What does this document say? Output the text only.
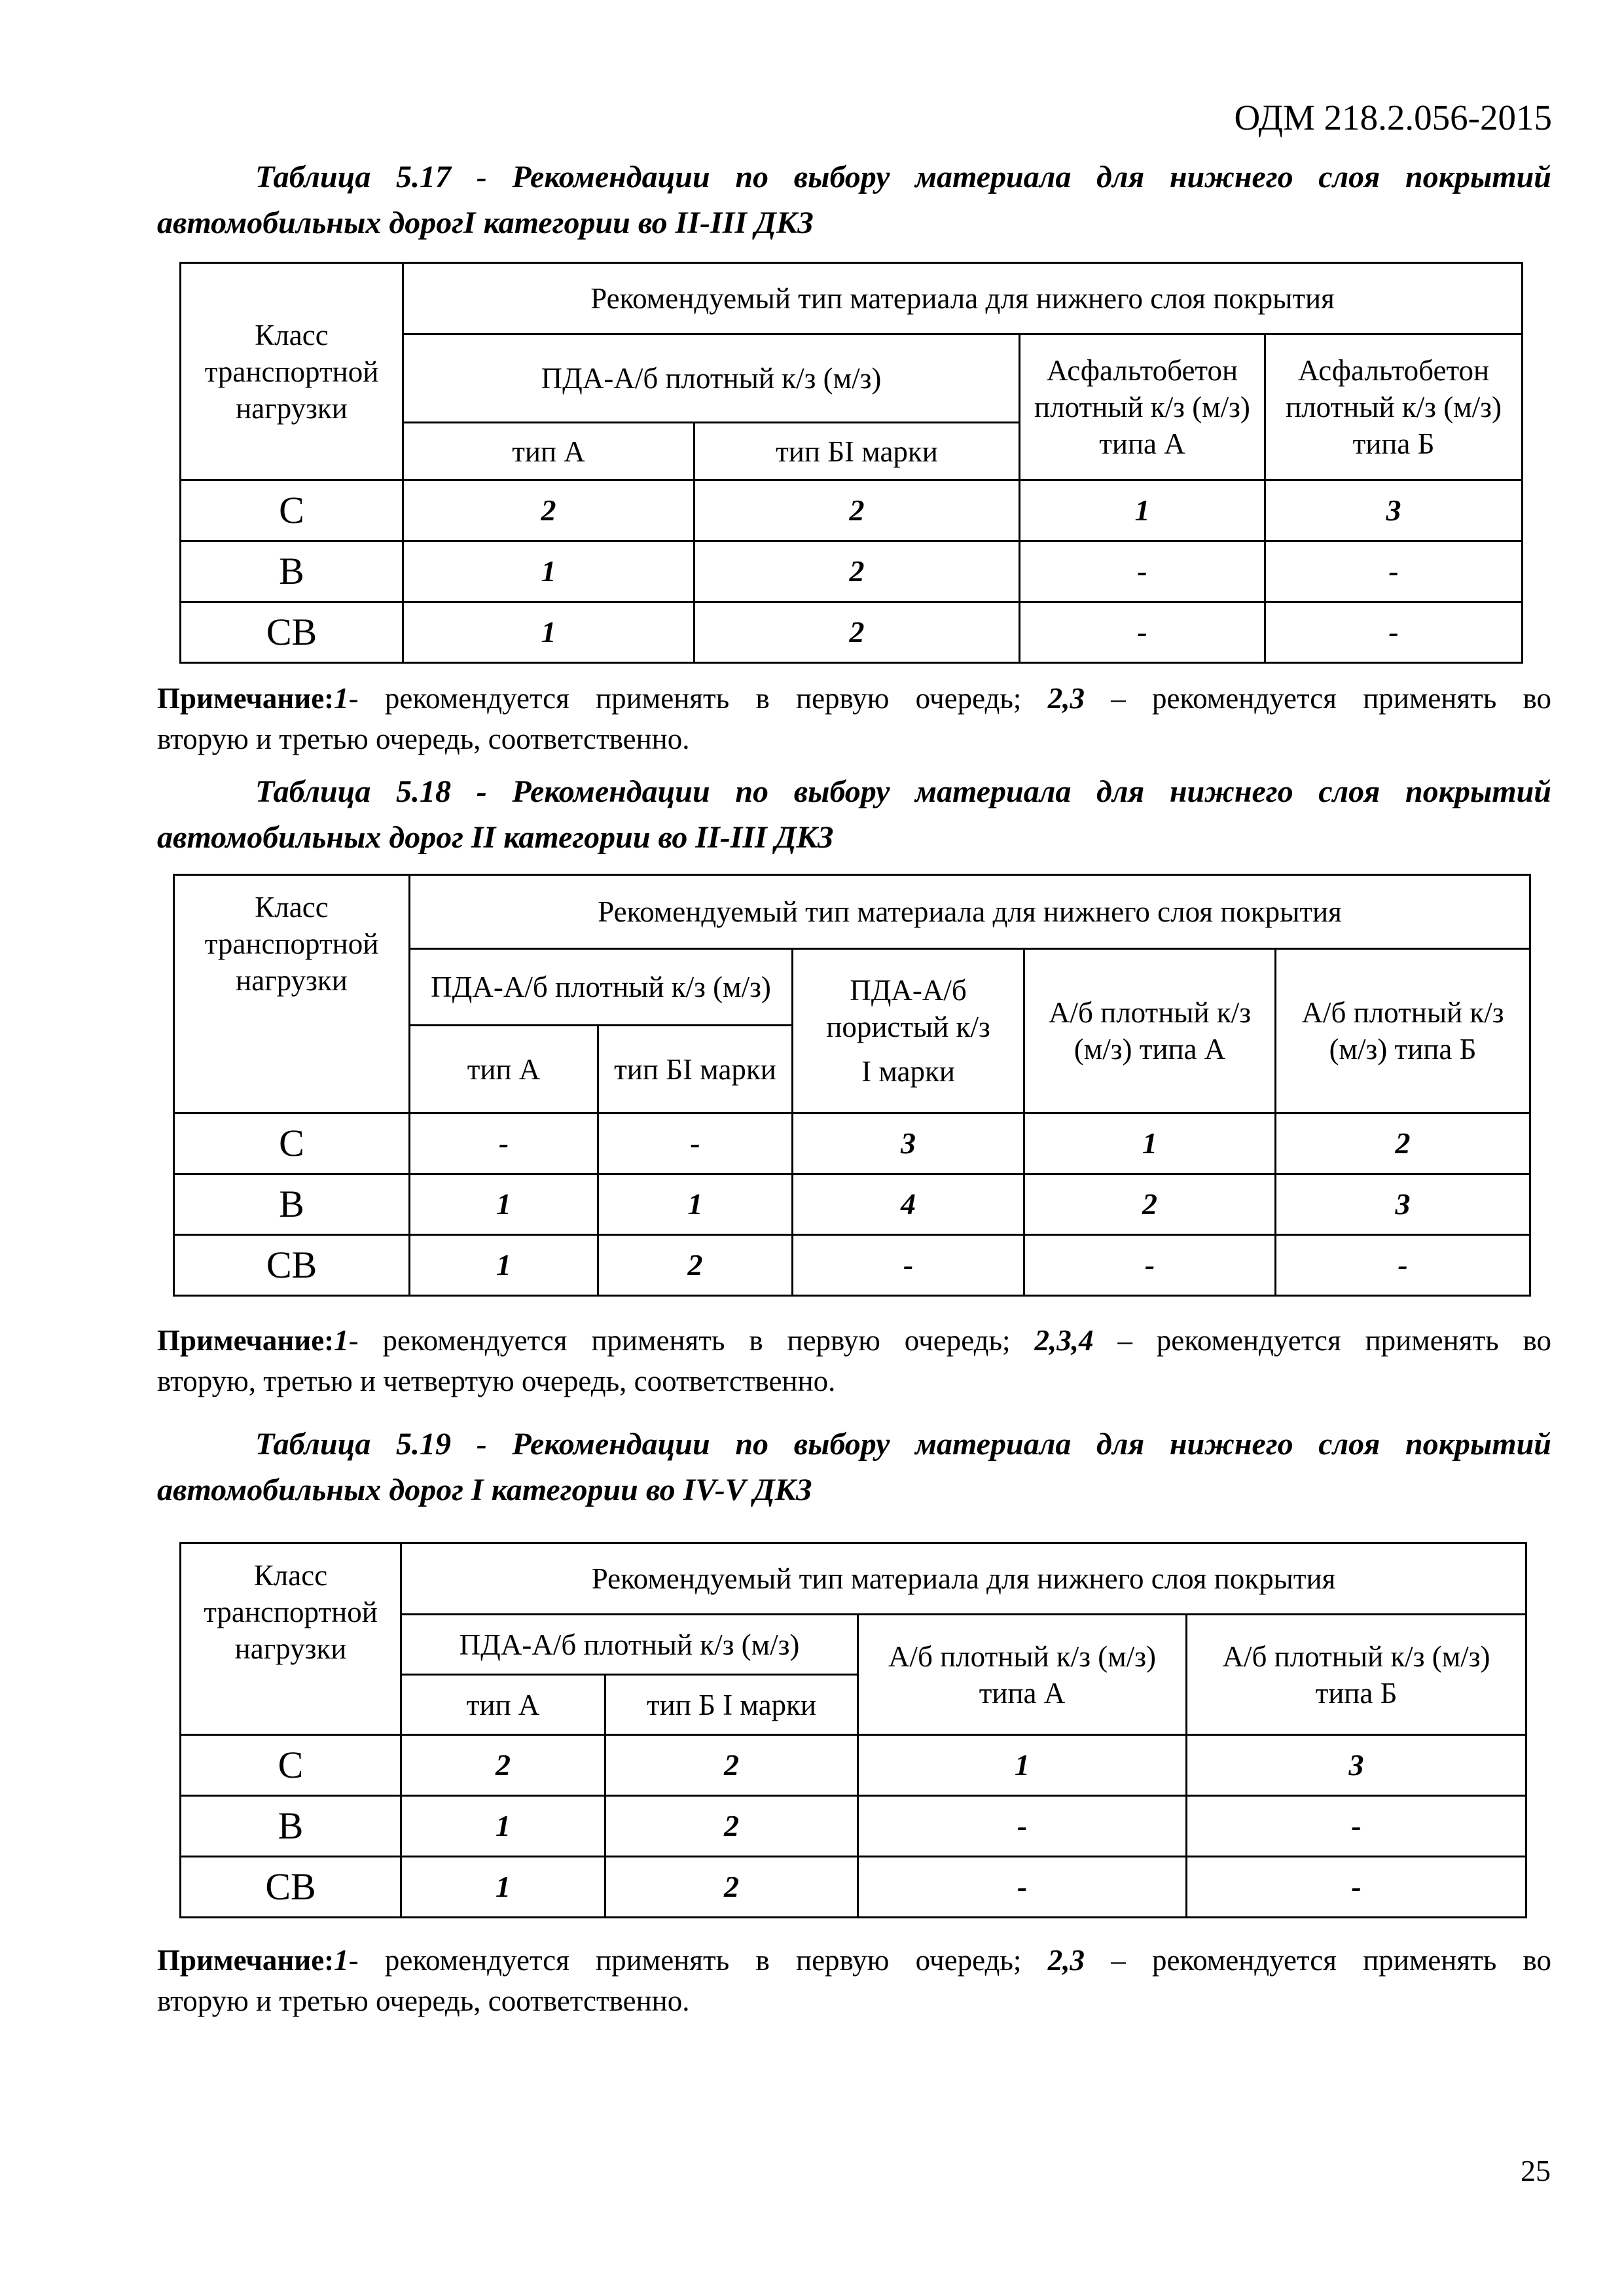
ОДМ 218.2.056-2015
Таблица 5.17 - Рекомендации по выбору материала для нижнего слоя покрытий
автомобильных дорогI категории во II-III ДКЗ
Класс транспортной нагрузки	Рекомендуемый тип материала для нижнего слоя покрытия			
	ПДА-А/б плотный к/з (м/з)		Асфальтобетон плотный к/з (м/з) типа А	Асфальтобетон плотный к/з (м/з) типа Б
	тип А	тип БI марки		
С	2	2	1	3
В	1	2	-	-
СВ	1	2	-	-
Примечание:1- рекомендуется применять в первую очередь; 2,3 – рекомендуется применять во
вторую и третью очередь, соответственно.
Таблица 5.18 - Рекомендации по выбору материала для нижнего слоя покрытий
автомобильных дорог II категории во II-III ДКЗ
Класс транспортной нагрузки	Рекомендуемый тип материала для нижнего слоя покрытия				
	ПДА-А/б плотный к/з (м/з)		ПДА-А/б пористый к/з
I марки	А/б плотный к/з (м/з) типа А	А/б плотный к/з (м/з) типа Б
	тип А	тип БI марки			
С	-	-	3	1	2
В	1	1	4	2	3
СВ	1	2	-	-	-
Примечание:1- рекомендуется применять в первую очередь; 2,3,4 – рекомендуется применять во
вторую, третью и четвертую очередь, соответственно.
Таблица 5.19 - Рекомендации по выбору материала для нижнего слоя покрытий
автомобильных дорог I категории во IV-V ДКЗ
Класс транспортной нагрузки	Рекомендуемый тип материала для нижнего слоя покрытия			
	ПДА-А/б плотный к/з (м/з)		А/б плотный к/з (м/з) типа А	А/б плотный к/з (м/з) типа Б
	тип А	тип Б I марки		
С	2	2	1	3
В	1	2	-	-
СВ	1	2	-	-
Примечание:1- рекомендуется применять в первую очередь; 2,3 – рекомендуется применять во
вторую и третью очередь, соответственно.
25
